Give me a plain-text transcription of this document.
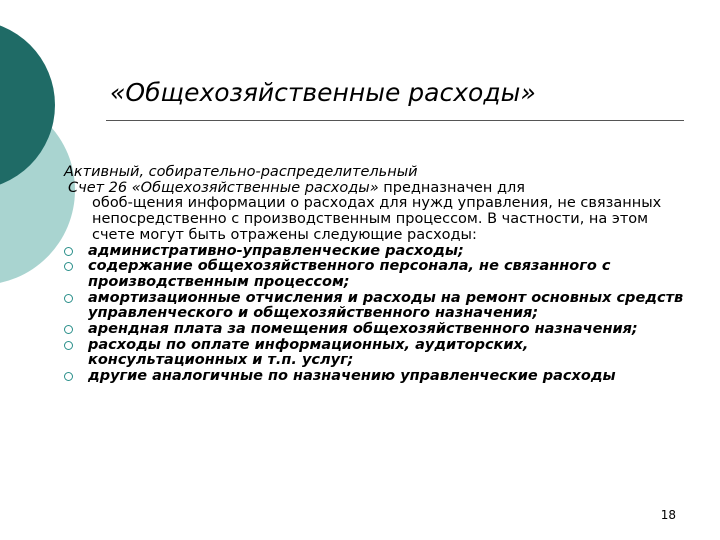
«Общехозяйственные расходы»
Активный, собирательно-распределительный
Счет 26 «Общехозяйственные расходы» предназначен для
обоб-щения информации о расходах для нужд управления, не связанных непосредственно с производственным процессом. В частности, на этом счете могут быть отражены следующие расходы:
административно-управленческие расходы;
содержание общехозяйственного персонала, не связанного с производственным процессом;
амортизационные отчисления и расходы на ремонт основных средств управленческого и общехозяйственного назначения;
арендная плата за помещения общехозяйственного назначения;
расходы по оплате информационных, аудиторских, консультационных и т.п. услуг;
другие аналогичные по назначению управленческие расходы
18
